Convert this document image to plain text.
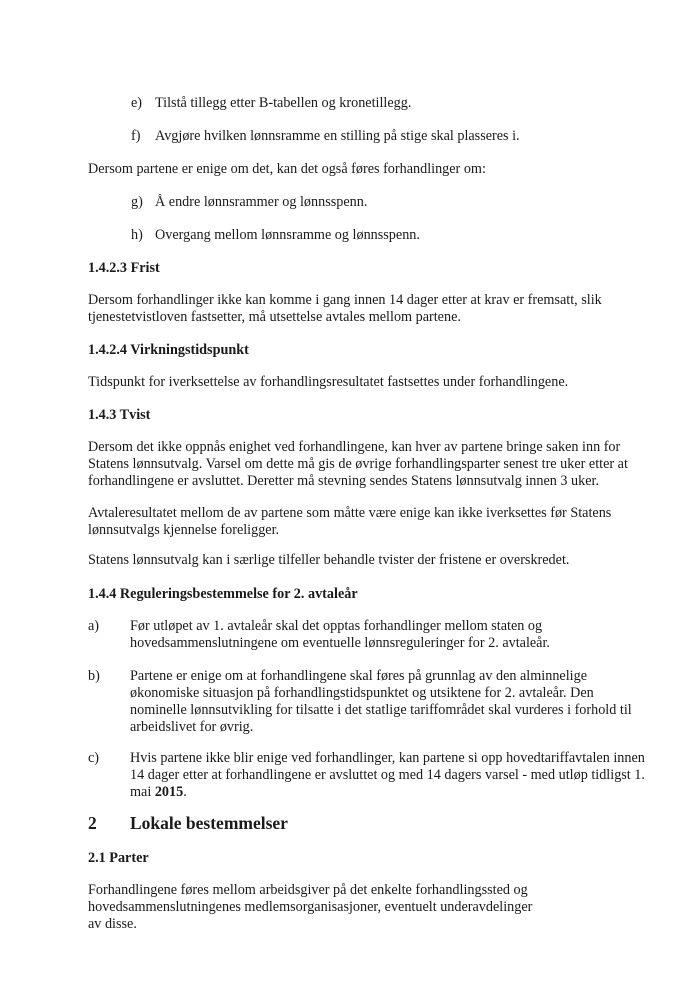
e) Tilstå tillegg etter B-tabellen og kronetillegg.
f) Avgjøre hvilken lønnsramme en stilling på stige skal plasseres i.

Dersom partene er enige om det, kan det også føres forhandlinger om:

g) Å endre lønnsrammer og lønnsspenn.
h) Overgang mellom lønnsramme og lønnsspenn.

1.4.2.3 Frist

Dersom forhandlinger ikke kan komme i gang innen 14 dager etter at krav er fremsatt, slik tjenestetvistloven fastsetter, må utsettelse avtales mellom partene.

1.4.2.4 Virkningstidspunkt

Tidspunkt for iverksettelse av forhandlingsresultatet fastsettes under forhandlingene.

1.4.3 Tvist

Dersom det ikke oppnås enighet ved forhandlingene, kan hver av partene bringe saken inn for Statens lønnsutvalg. Varsel om dette må gis de øvrige forhandlingsparter senest tre uker etter at forhandlingene er avsluttet. Deretter må stevning sendes Statens lønnsutvalg innen 3 uker.

Avtaleresultatet mellom de av partene som måtte være enige kan ikke iverksettes før Statens lønnsutvalgs kjennelse foreligger.

Statens lønnsutvalg kan i særlige tilfeller behandle tvister der fristene er overskredet.

1.4.4 Reguleringsbestemmelse for 2. avtaleår

a) Før utløpet av 1. avtaleår skal det opptas forhandlinger mellom staten og hovedsammenslutningene om eventuelle lønnsreguleringer for 2. avtaleår.
b) Partene er enige om at forhandlingene skal føres på grunnlag av den alminnelige økonomiske situasjon på forhandlingstidspunktet og utsiktene for 2. avtaleår. Den nominelle lønnsutvikling for tilsatte i det statlige tariffområdet skal vurderes i forhold til arbeidslivet for øvrig.
c) Hvis partene ikke blir enige ved forhandlinger, kan partene si opp hovedtariffavtalen innen 14 dager etter at forhandlingene er avsluttet og med 14 dagers varsel - med utløp tidligst 1. mai 2015.
2 Lokale bestemmelser

2.1 Parter

Forhandlingene føres mellom arbeidsgiver på det enkelte forhandlingssted og hovedsammenslutningenes medlemsorganisasjoner, eventuelt underavdelinger av disse.
